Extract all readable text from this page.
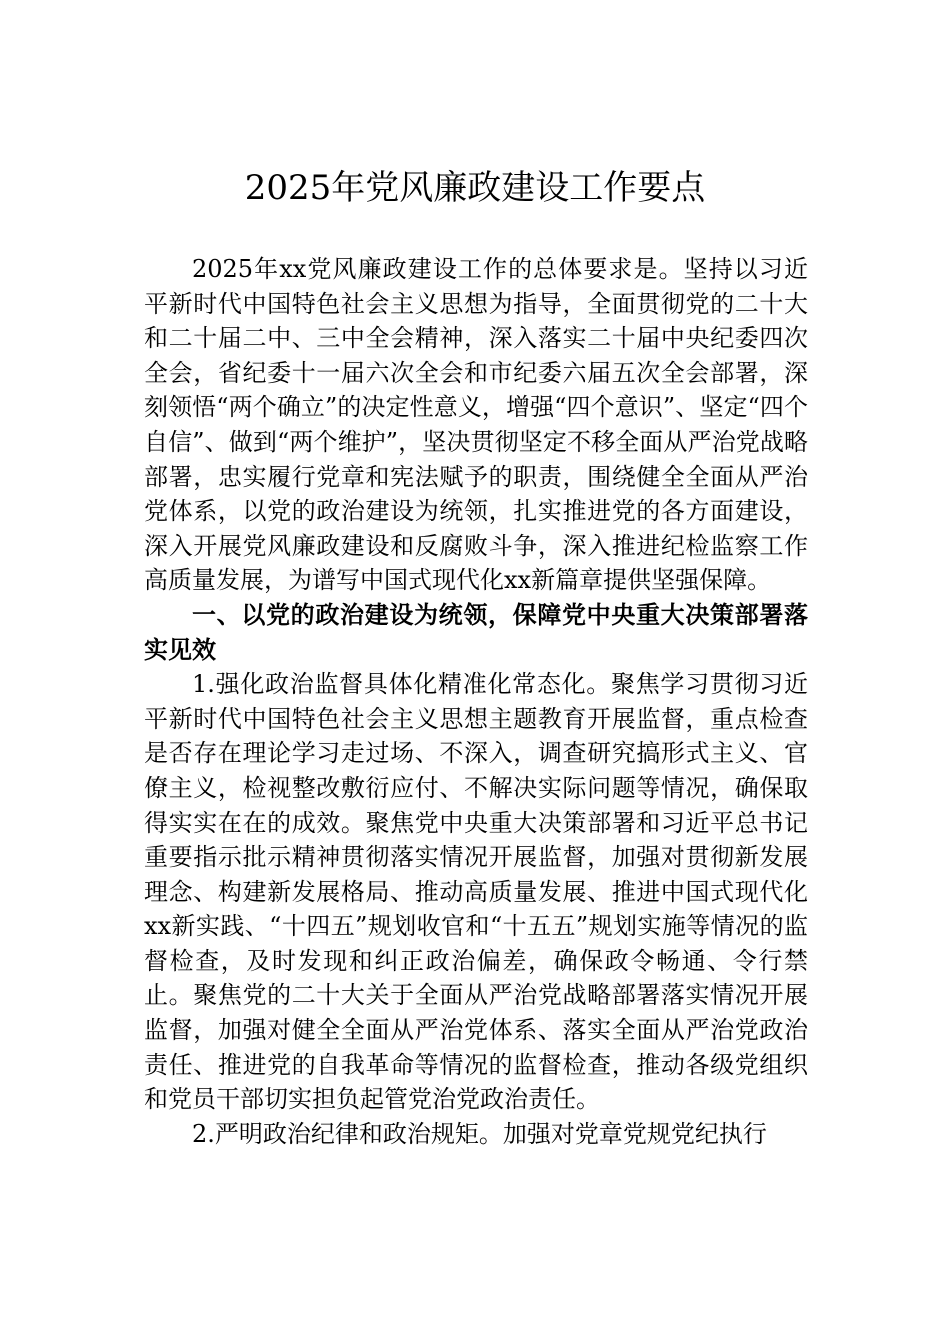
2025年党风廉政建设工作要点

2025年xx党风廉政建设工作的总体要求是。坚持以习近平新时代中国特色社会主义思想为指导，全面贯彻党的二十大和二十届二中、三中全会精神，深入落实二十届中央纪委四次全会，省纪委十一届六次全会和市纪委六届五次全会部署，深刻领悟“两个确立”的决定性意义，增强“四个意识”、坚定“四个自信”、做到“两个维护”，坚决贯彻坚定不移全面从严治党战略部署，忠实履行党章和宪法赋予的职责，围绕健全全面从严治党体系，以党的政治建设为统领，扎实推进党的各方面建设，深入开展党风廉政建设和反腐败斗争，深入推进纪检监察工作高质量发展，为谱写中国式现代化xx新篇章提供坚强保障。

一、以党的政治建设为统领，保障党中央重大决策部署落实见效

1.强化政治监督具体化精准化常态化。聚焦学习贯彻习近平新时代中国特色社会主义思想主题教育开展监督，重点检查是否存在理论学习走过场、不深入，调查研究搞形式主义、官僚主义，检视整改敷衍应付、不解决实际问题等情况，确保取得实实在在的成效。聚焦党中央重大决策部署和习近平总书记重要指示批示精神贯彻落实情况开展监督，加强对贯彻新发展理念、构建新发展格局、推动高质量发展、推进中国式现代化xx新实践、“十四五”规划收官和“十五五”规划实施等情况的监督检查，及时发现和纠正政治偏差，确保政令畅通、令行禁止。聚焦党的二十大关于全面从严治党战略部署落实情况开展监督，加强对健全全面从严治党体系、落实全面从严治党政治责任、推进党的自我革命等情况的监督检查，推动各级党组织和党员干部切实担负起管党治党政治责任。

2.严明政治纪律和政治规矩。加强对党章党规党纪执行
